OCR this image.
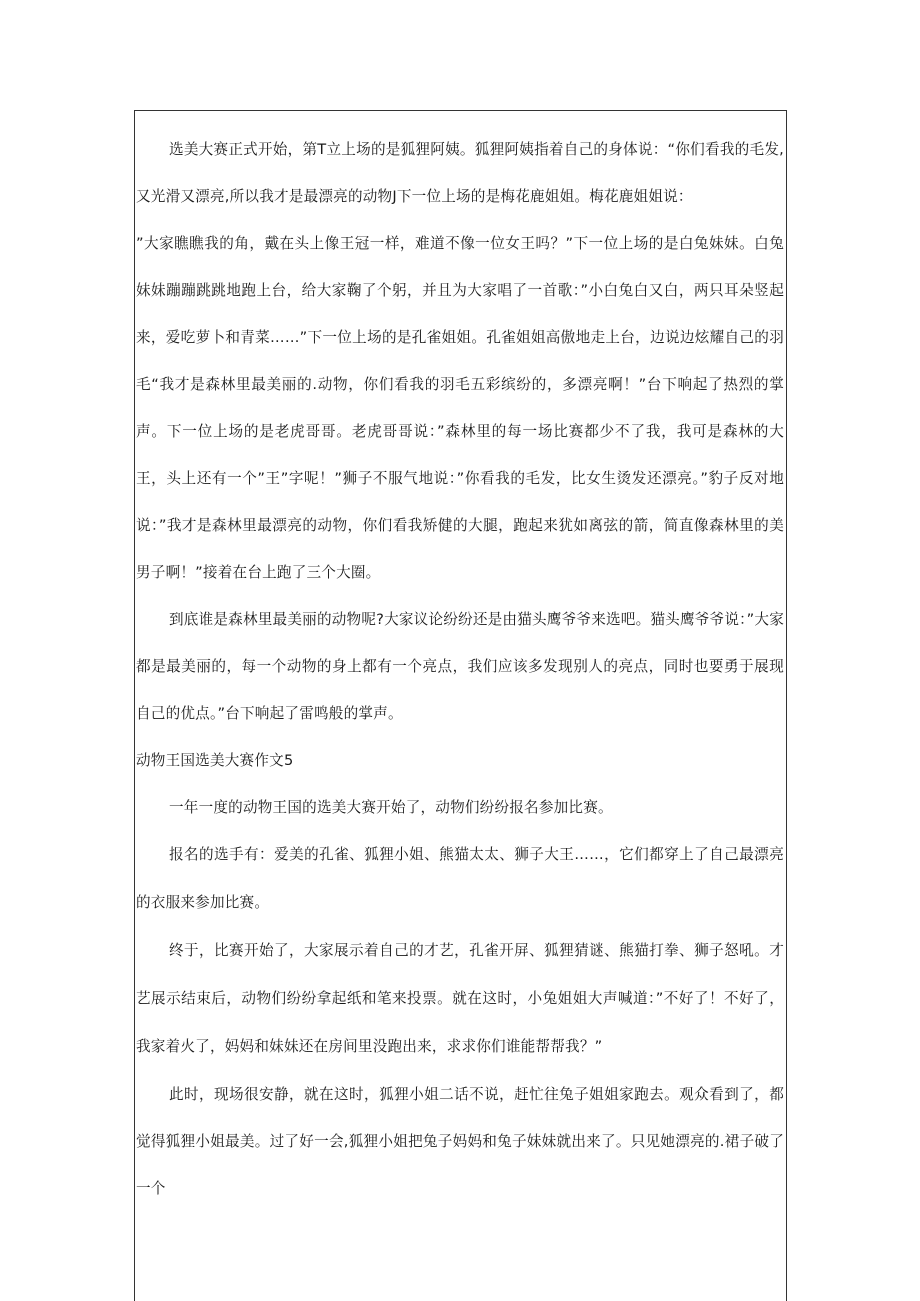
选美大赛正式开始，第T立上场的是狐狸阿姨。狐狸阿姨指着自己的身体说：“你们看我的毛发,又光滑又漂亮,所以我才是最漂亮的动物J下一位上场的是梅花鹿姐姐。梅花鹿姐姐说：

”大家瞧瞧我的角，戴在头上像王冠一样，难道不像一位女王吗？”下一位上场的是白兔妹妹。白兔妹妹蹦蹦跳跳地跑上台，给大家鞠了个躬，并且为大家唱了一首歌：”小白兔白又白，两只耳朵竖起来，爱吃萝卜和青菜……”下一位上场的是孔雀姐姐。孔雀姐姐高傲地走上台，边说边炫耀自己的羽毛“我才是森林里最美丽的.动物，你们看我的羽毛五彩缤纷的，多漂亮啊！”台下响起了热烈的掌声。下一位上场的是老虎哥哥。老虎哥哥说：”森林里的每一场比赛都少不了我，我可是森林的大王，头上还有一个”王”字呢！”狮子不服气地说：”你看我的毛发，比女生烫发还漂亮。”豹子反对地说：”我才是森林里最漂亮的动物，你们看我矫健的大腿，跑起来犹如离弦的箭，简直像森林里的美男子啊！”接着在台上跑了三个大圈。

到底谁是森林里最美丽的动物呢?大家议论纷纷还是由猫头鹰爷爷来选吧。猫头鹰爷爷说：”大家都是最美丽的，每一个动物的身上都有一个亮点，我们应该多发现别人的亮点，同时也要勇于展现自己的优点。”台下响起了雷鸣般的掌声。

动物王国选美大赛作文5

一年一度的动物王国的选美大赛开始了，动物们纷纷报名参加比赛。

报名的选手有：爱美的孔雀、狐狸小姐、熊猫太太、狮子大王……，它们都穿上了自己最漂亮的衣服来参加比赛。

终于，比赛开始了，大家展示着自己的才艺，孔雀开屏、狐狸猜谜、熊猫打拳、狮子怒吼。才艺展示结束后，动物们纷纷拿起纸和笔来投票。就在这时，小兔姐姐大声喊道：”不好了！不好了，我家着火了，妈妈和妹妹还在房间里没跑出来，求求你们谁能帮帮我？”

此时，现场很安静，就在这时，狐狸小姐二话不说，赶忙往兔子姐姐家跑去。观众看到了，都觉得狐狸小姐最美。过了好一会,狐狸小姐把兔子妈妈和兔子妹妹就出来了。只见她漂亮的.裙子破了一个
